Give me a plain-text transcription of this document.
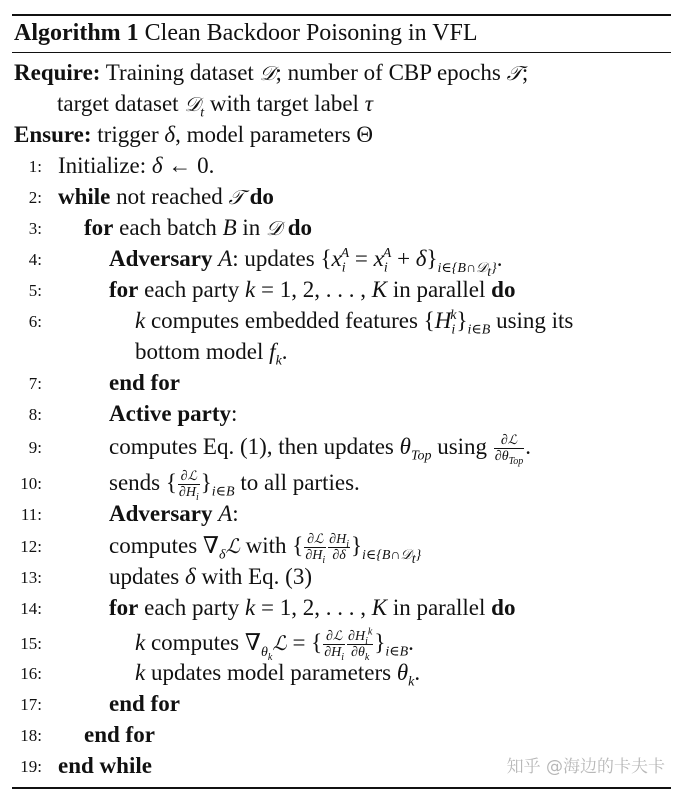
Algorithm 1 Clean Backdoor Poisoning in VFL
Require: Training dataset 𝒟; number of CBP epochs 𝒯;
target dataset 𝒟$_t$ with target label τ
Ensure: trigger δ, model parameters Θ
1: Initialize: δ ← 0.
2: while not reached 𝒯 do
3: for each batch B in 𝒟 do
4:	Adversary A: updates $\{x_i^A = x_i^A + \delta\}_{i\in\{B\cap 𝒟_t\}}$.
5:	for each party k = 1, 2, . . . , K in parallel do
6:	k computes embedded features $\{H_i^k\}_{i\in B}$ using its
bottom model $f_k$.
7:	end for
8:	Active party:
9:	computes Eq. (1), then updates $\theta_{Top}$ using $\frac{\text{∂ℒ}}{\partial\theta_{Top}}$ .
10:	sends { $\frac{\text{∂ℒ}}{\partial H_i} \}_{i\in B}$ to all parties.
11:	Adversary A:
12:	computes $\nabla_\delta ℒ$ with { $\frac{\text{∂ℒ}}{\partial H_i} \frac{\partial H_i}{\partial\delta} \}_{i\in\{B\cap 𝒟_t\}}$
13:	updates δ with Eq. (3)
14:	for each party k = 1, 2, . . . , K in parallel do
15:	k computes $\nabla_{\theta_k}ℒ$ = { $\frac{\text{∂ℒ}}{\partial H_i} \frac{\partial H_i^k}{\partial\theta_k} \}_{i\in B}$.
16:	k updates model parameters $\theta_k$.
17:	end for
18: end for
19: end while	知乎 @海边的卡夫卡
